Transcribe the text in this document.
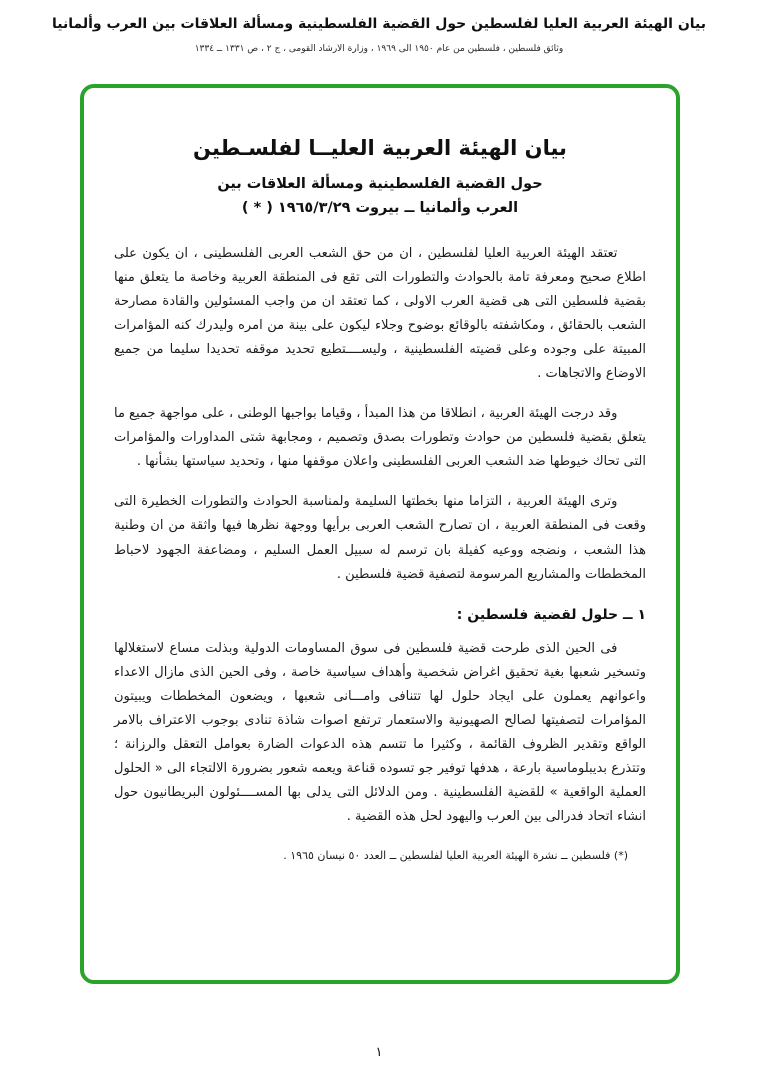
بيان الهيئة العربية العليا لفلسطين حول القضية الفلسطينية ومسألة العلاقات بين العرب وألمانيا
وثائق فلسطين ، فلسطين من عام ١٩٥٠ الى ١٩٦٩ ، وزارة الارشاد القومى ، ج ٢ ، ص ١٣٣١ ــ ١٣٣٤
بيان الهيئة العربية العليــا لفلسـطين
حول القضية الفلسطينية ومسألة العلاقات بين
العرب وألمانيا ــ بيروت ١٩٦٥/٣/٢٩ ( * )

تعتقد الهيئة العربية العليا لفلسطين ، ان من حق الشعب العربى الفلسطينى ، ان يكون على اطلاع صحيح ومعرفة تامة بالحوادث والتطورات التى تقع فى المنطقة العربية وخاصة ما يتعلق منها بقضية فلسطين التى هى قضية العرب الاولى ، كما تعتقد ان من واجب المسئولين والقادة مصارحة الشعب بالحقائق ، ومكاشفته بالوقائع بوضوح وجلاء ليكون على بينة من امره وليدرك كنه المؤامرات المبيتة على وجوده وعلى قضيته الفلسطينية ، وليســــتطيع تحديد موقفه تحديدا سليما من جميع الاوضاع والاتجاهات .

وقد درجت الهيئة العربية ، انطلاقا من هذا المبدأ ، وقياما بواجبها الوطنى ، على مواجهة جميع ما يتعلق بقضية فلسطين من حوادث وتطورات بصدق وتصميم ، ومجابهة شتى المداورات والمؤامرات التى تحاك خيوطها ضد الشعب العربى الفلسطينى واعلان موقفها منها ، وتحديد سياستها بشأنها .

وترى الهيئة العربية ، التزاما منها بخطتها السليمة ولمناسبة الحوادث والتطورات الخطيرة التى وقعت فى المنطقة العربية ، ان تصارح الشعب العربى برأيها ووجهة نظرها فيها واثقة من ان وطنية هذا الشعب ، ونضجه ووعيه كفيلة بان ترسم له سبيل العمل السليم ، ومضاعفة الجهود لاحباط المخططات والمشاريع المرسومة لتصفية قضية فلسطين .

١ ــ حلول لقضية فلسطين :

فى الحين الذى طرحت قضية فلسطين فى سوق المساومات الدولية وبذلت مساع لاستغلالها وتسخير شعبها بغية تحقيق اغراض شخصية وأهداف سياسية خاصة ، وفى الحين الذى مازال الاعداء واعوانهم يعملون على ايجاد حلول لها تتنافى وامـــانى شعبها ، ويضعون المخططات ويبيتون المؤامرات لتصفيتها لصالح الصهيونية والاستعمار ترتفع اصوات شاذة تنادى بوجوب الاعتراف بالامر الواقع وتقدير الظروف القائمة ، وكثيرا ما تتسم هذه الدعوات الضارة بعوامل التعقل والرزانة ؛ وتتذرع بديبلوماسية بارعة ، هدفها توفير جو تسوده قناعة ويعمه شعور بضرورة الالتجاء الى « الحلول العملية الواقعية » للقضية الفلسطينية . ومن الدلائل التى يدلى بها المســــئولون البريطانيون حول انشاء اتحاد فدرالى بين العرب واليهود لحل هذه القضية .

(*) فلسطين ــ نشرة الهيئة العربية العليا لفلسطين ــ العدد ٥٠ نيسان ١٩٦٥ .
١
